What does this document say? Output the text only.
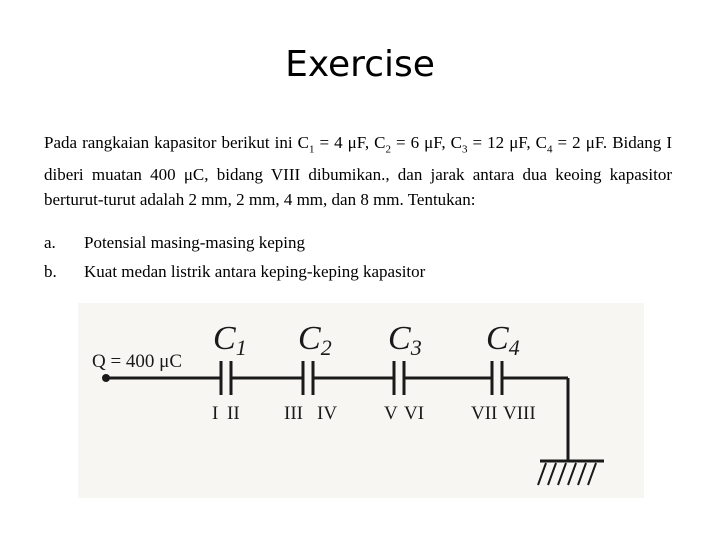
Exercise
Pada rangkaian kapasitor berikut ini $C_1 = 4$ μF, $C_2 = 6$ μF, $C_3 = 12$ μF, $C_4 = 2$ μF. Bidang I diberi muatan 400 μC, bidang VIII dibumikan., dan jarak antara dua keoing kapasitor berturut-turut adalah 2 mm, 2 mm, 4 mm, dan 8 mm. Tentukan:
a. Potensial masing-masing keping
b. Kuat medan listrik antara keping-keping kapasitor
Q = 400 μC
C1 C2 C3 C4
I II III IV V VI VII VIII
